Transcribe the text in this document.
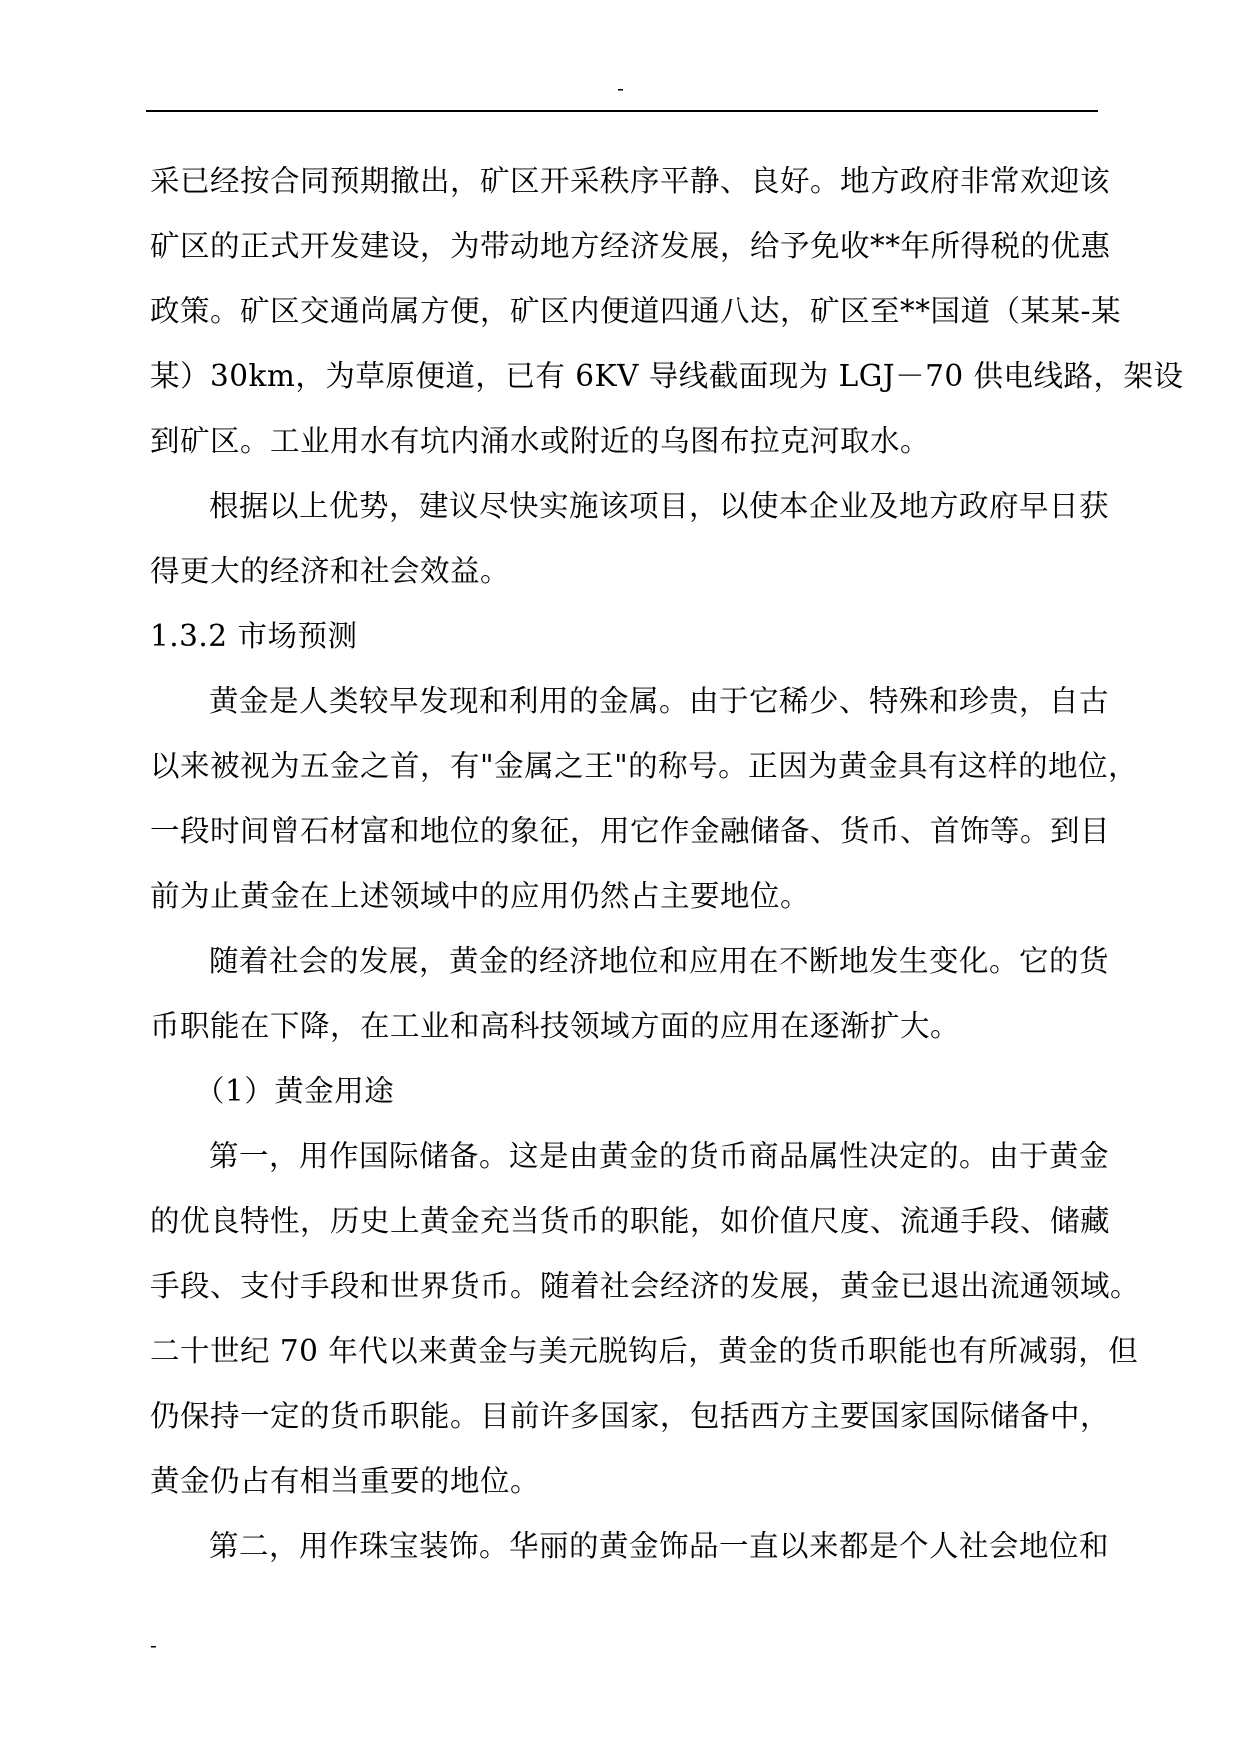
-
采已经按合同预期撤出，矿区开采秩序平静、良好。地方政府非常欢迎该
矿区的正式开发建设，为带动地方经济发展，给予免收**年所得税的优惠
政策。矿区交通尚属方便，矿区内便道四通八达，矿区至**国道（某某-某
某）30km，为草原便道，已有 6KV 导线截面现为 LGJ－70 供电线路，架设
到矿区。工业用水有坑内涌水或附近的乌图布拉克河取水。
根据以上优势，建议尽快实施该项目，以使本企业及地方政府早日获
得更大的经济和社会效益。
1.3.2 市场预测
黄金是人类较早发现和利用的金属。由于它稀少、特殊和珍贵，自古
以来被视为五金之首，有"金属之王"的称号。正因为黄金具有这样的地位，
一段时间曾石材富和地位的象征，用它作金融储备、货币、首饰等。到目
前为止黄金在上述领域中的应用仍然占主要地位。
随着社会的发展，黄金的经济地位和应用在不断地发生变化。它的货
币职能在下降，在工业和高科技领域方面的应用在逐渐扩大。
（1）黄金用途
第一，用作国际储备。这是由黄金的货币商品属性决定的。由于黄金
的优良特性，历史上黄金充当货币的职能，如价值尺度、流通手段、储藏
手段、支付手段和世界货币。随着社会经济的发展，黄金已退出流通领域。
二十世纪 70 年代以来黄金与美元脱钩后，黄金的货币职能也有所减弱，但
仍保持一定的货币职能。目前许多国家，包括西方主要国家国际储备中，
黄金仍占有相当重要的地位。
第二，用作珠宝装饰。华丽的黄金饰品一直以来都是个人社会地位和
-
